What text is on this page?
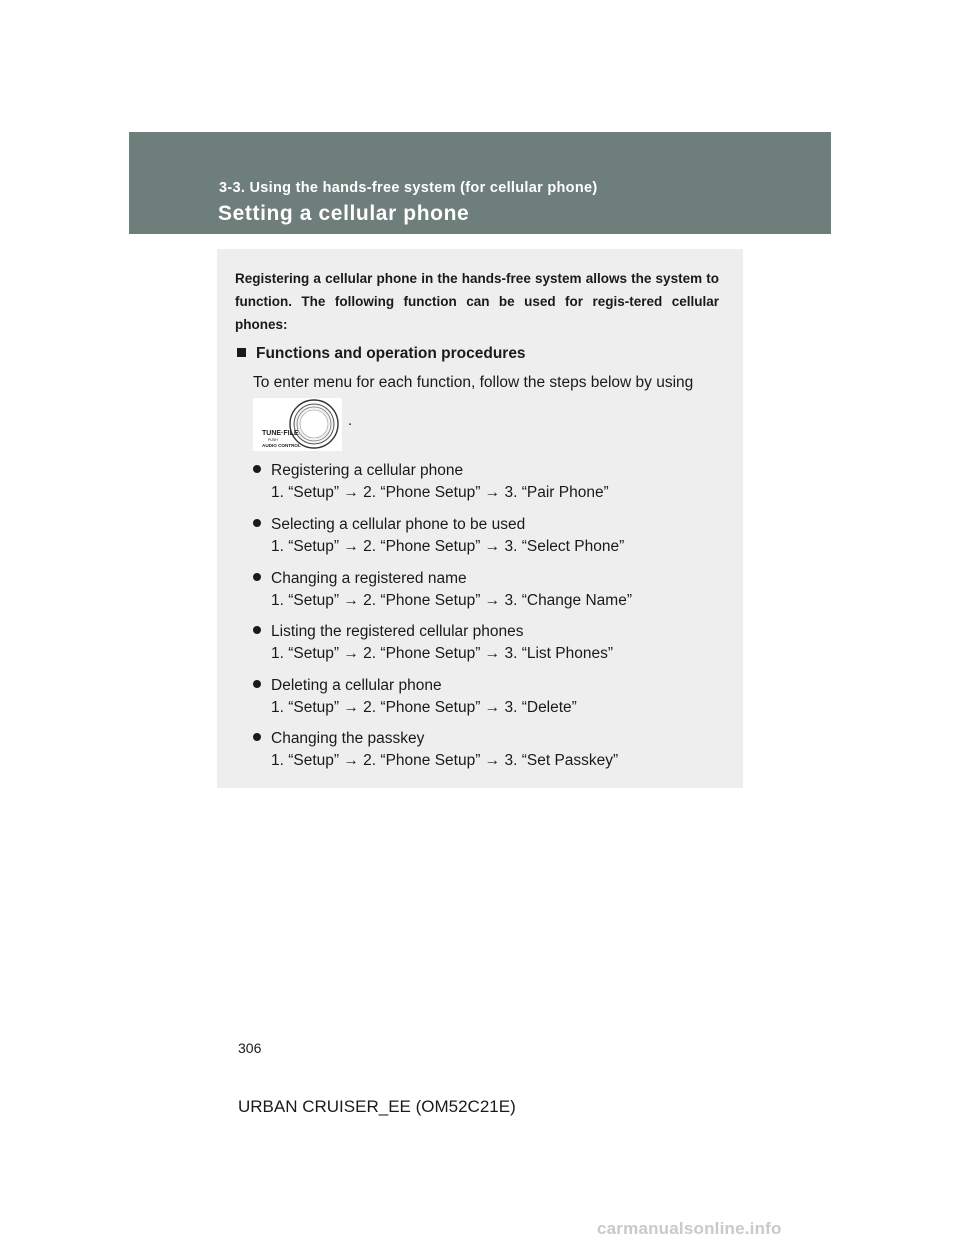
3-3. Using the hands-free system (for cellular phone)
Setting a cellular phone
Registering a cellular phone in the hands-free system allows the system to function. The following function can be used for regis-tered cellular phones:
Functions and operation procedures
To enter menu for each function, follow the steps below by using
TUNE·FILE
PUSH
AUDIO CONTROL
.
Registering a cellular phone
1. “Setup” → 2. “Phone Setup” → 3. “Pair Phone”
Selecting a cellular phone to be used
1. “Setup” → 2. “Phone Setup” → 3. “Select Phone”
Changing a registered name
1. “Setup” → 2. “Phone Setup” → 3. “Change Name”
Listing the registered cellular phones
1. “Setup” → 2. “Phone Setup” → 3. “List Phones”
Deleting a cellular phone
1. “Setup” → 2. “Phone Setup” → 3. “Delete”
Changing the passkey
1. “Setup” → 2. “Phone Setup” → 3. “Set Passkey”
306
URBAN CRUISER_EE (OM52C21E)
carmanualsonline.info
